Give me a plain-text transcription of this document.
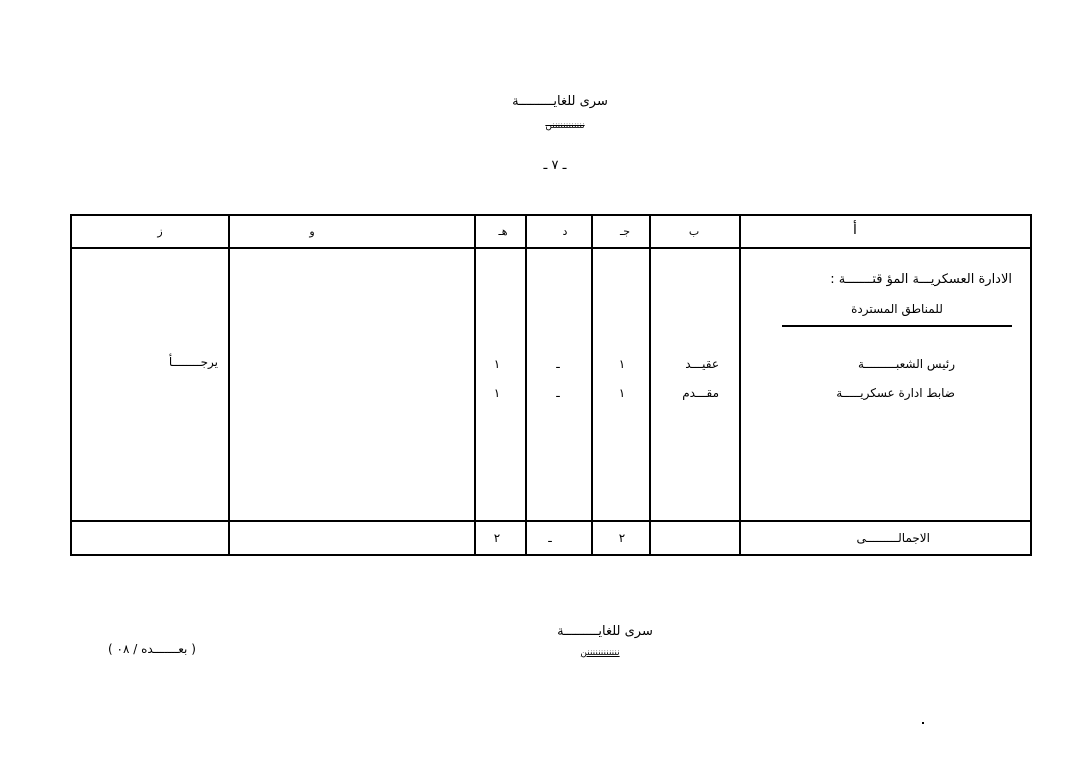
سرى للغايـــــــــة
ننننننننننننن
ـ ٧ ـ
أ
ب
جـ
د
هـ
و
ز
الادارة العسكريـــة المؤ قتـــــــة :
للمناطق المستردة
رئيس الشعبـــــــــة
عقيـــد
١
ـ
١
يرجــــــــأ
ضابط ادارة عسكريـــــة
مقـــدم
١
ـ
١
الاجمالـــــــــى
٢
ـ
٢
سرى للغايـــــــــة
ننننننننننننن
( بعـــــــده / ٠٨ )
